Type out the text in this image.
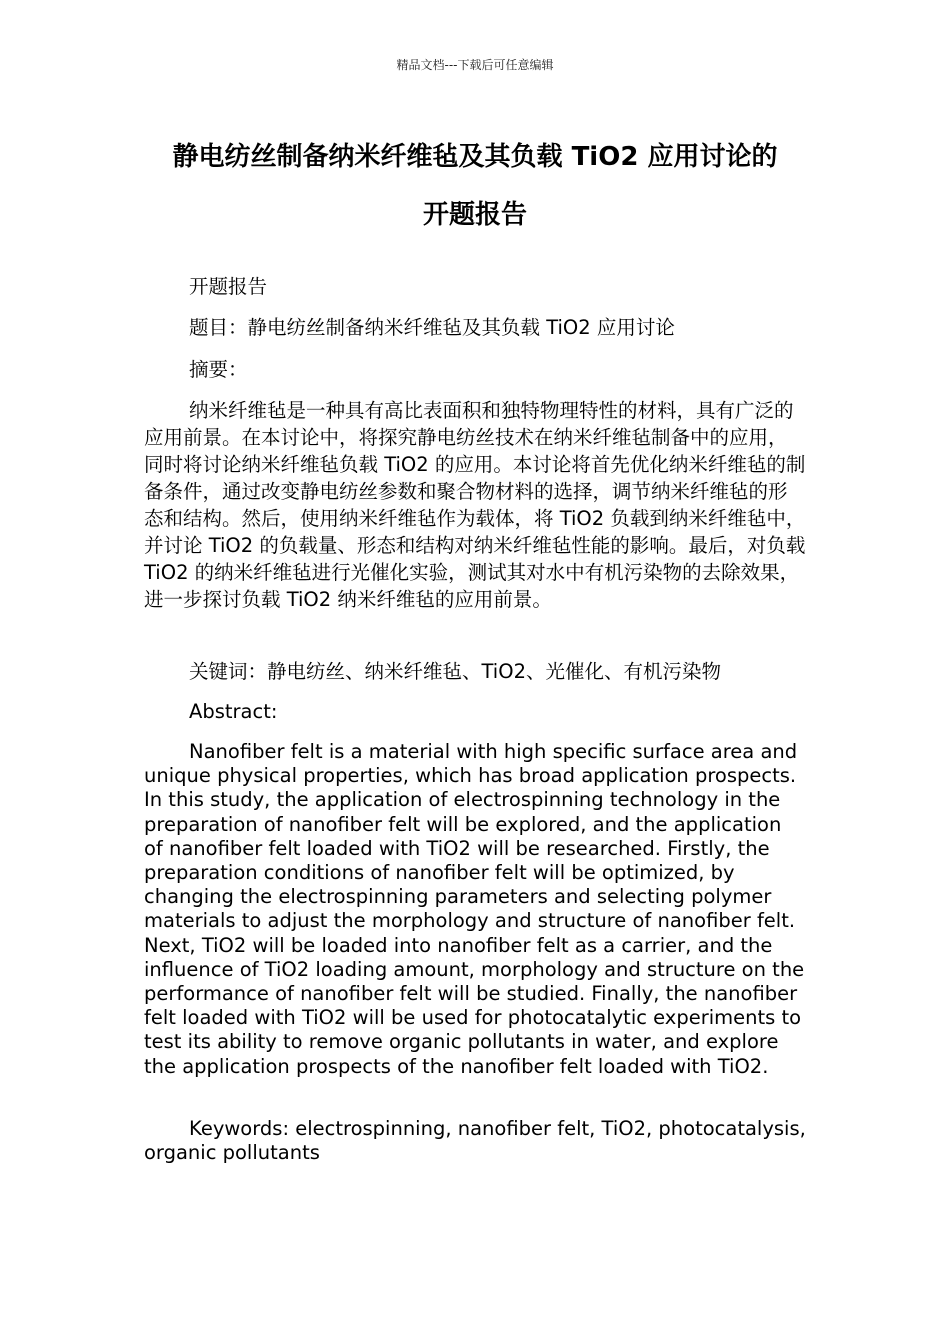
精品文档---下载后可任意编辑
静电纺丝制备纳米纤维毡及其负载 TiO2 应用讨论的
开题报告

开题报告

题目：静电纺丝制备纳米纤维毡及其负载 TiO2 应用讨论

摘要：

纳米纤维毡是一种具有高比表面积和独特物理特性的材料，具有广泛的应用前景。在本讨论中，将探究静电纺丝技术在纳米纤维毡制备中的应用，同时将讨论纳米纤维毡负载 TiO2 的应用。本讨论将首先优化纳米纤维毡的制备条件，通过改变静电纺丝参数和聚合物材料的选择，调节纳米纤维毡的形态和结构。然后，使用纳米纤维毡作为载体，将 TiO2 负载到纳米纤维毡中，并讨论 TiO2 的负载量、形态和结构对纳米纤维毡性能的影响。最后，对负载 TiO2 的纳米纤维毡进行光催化实验，测试其对水中有机污染物的去除效果，进一步探讨负载 TiO2 纳米纤维毡的应用前景。

关键词：静电纺丝、纳米纤维毡、TiO2、光催化、有机污染物

Abstract:

Nanofiber felt is a material with high specific surface area and unique physical properties, which has broad application prospects. In this study, the application of electrospinning technology in the preparation of nanofiber felt will be explored, and the application of nanofiber felt loaded with TiO2 will be researched. Firstly, the preparation conditions of nanofiber felt will be optimized, by changing the electrospinning parameters and selecting polymer materials to adjust the morphology and structure of nanofiber felt. Next, TiO2 will be loaded into nanofiber felt as a carrier, and the influence of TiO2 loading amount, morphology and structure on the performance of nanofiber felt will be studied. Finally, the nanofiber felt loaded with TiO2 will be used for photocatalytic experiments to test its ability to remove organic pollutants in water, and explore the application prospects of the nanofiber felt loaded with TiO2.

Keywords: electrospinning, nanofiber felt, TiO2, photocatalysis, organic pollutants
